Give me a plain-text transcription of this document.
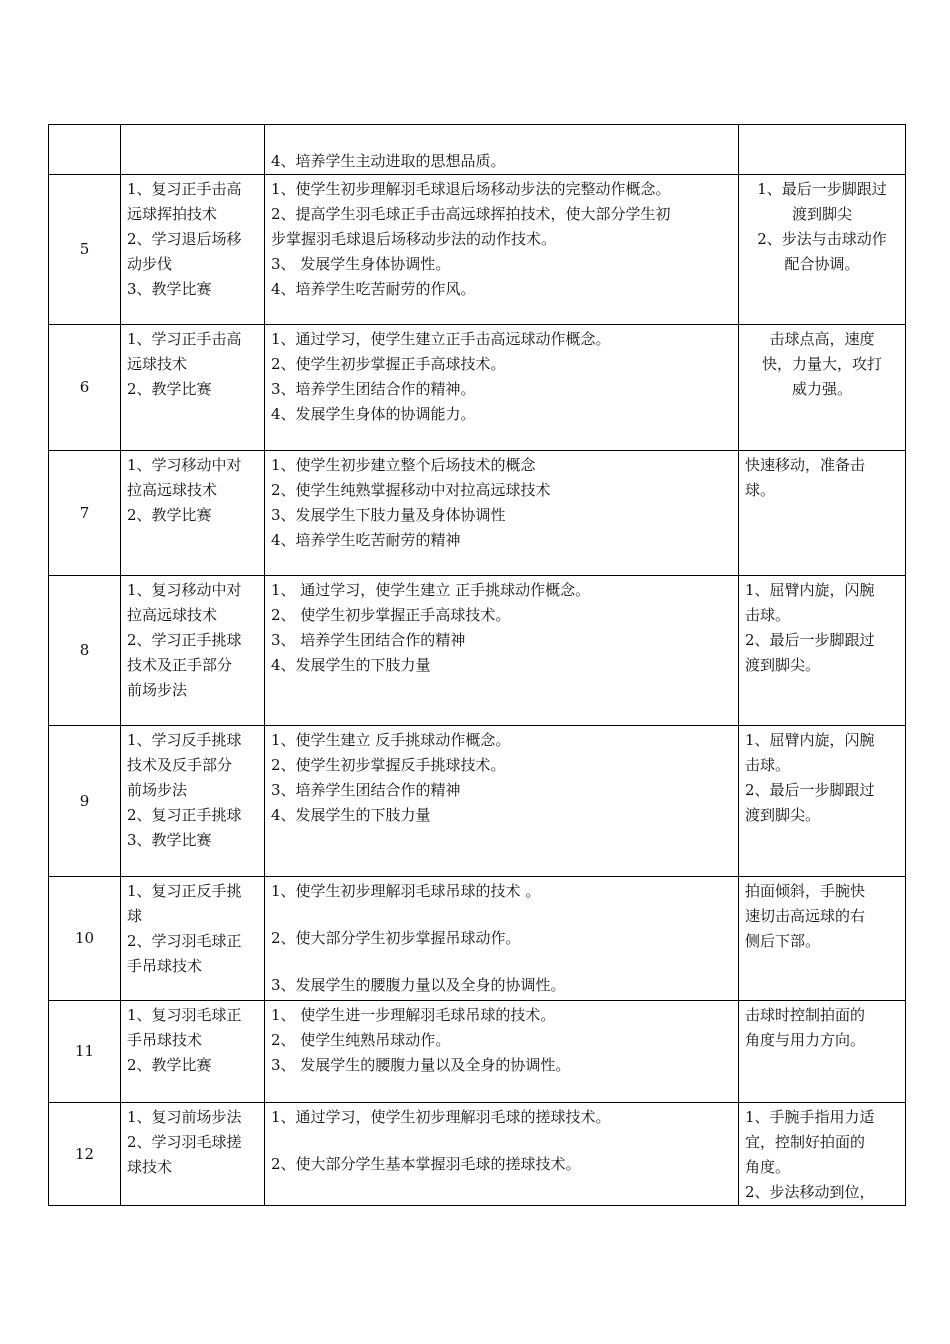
		4、培养学生主动进取的思想品质。	

5	1、复习正手击高
远球挥拍技术
2、学习退后场移
动步伐
3、教学比赛	1、使学生初步理解羽毛球退后场移动步法的完整动作概念。
2、提高学生羽毛球正手击高远球挥拍技术，使大部分学生初
步掌握羽毛球退后场移动步法的动作技术。
3、 发展学生身体协调性。
4、培养学生吃苦耐劳的作风。	1、最后一步脚跟过
渡到脚尖
2、步法与击球动作
配合协调。

6	1、学习正手击高
远球技术
2、教学比赛	1、通过学习，使学生建立正手击高远球动作概念。
2、使学生初步掌握正手高球技术。
3、培养学生团结合作的精神。
4、发展学生身体的协调能力。	击球点高，速度
快，力量大，攻打
威力强。

7	1、学习移动中对
拉高远球技术
2、教学比赛	1、使学生初步建立整个后场技术的概念
2、使学生纯熟掌握移动中对拉高远球技术
3、发展学生下肢力量及身体协调性
4、培养学生吃苦耐劳的精神	快速移动，准备击
球。

8	1、复习移动中对
拉高远球技术
2、学习正手挑球
技术及正手部分
前场步法	1、 通过学习，使学生建立 正手挑球动作概念。
2、 使学生初步掌握正手高球技术。
3、 培养学生团结合作的精神
4、发展学生的下肢力量	1、屈臂内旋，闪腕
击球。
2、最后一步脚跟过
渡到脚尖。

9	1、学习反手挑球
技术及反手部分
前场步法
2、复习正手挑球
3、教学比赛	1、使学生建立 反手挑球动作概念。
2、使学生初步掌握反手挑球技术。
3、培养学生团结合作的精神
4、发展学生的下肢力量	1、屈臂内旋，闪腕
击球。
2、最后一步脚跟过
渡到脚尖。

10	1、复习正反手挑
球
2、学习羽毛球正
手吊球技术	1、使学生初步理解羽毛球吊球的技术 。

2、使大部分学生初步掌握吊球动作。

3、发展学生的腰腹力量以及全身的协调性。	拍面倾斜，手腕快
速切击高远球的右
侧后下部。

11	1、复习羽毛球正
手吊球技术
2、教学比赛	1、 使学生进一步理解羽毛球吊球的技术。
2、 使学生纯熟吊球动作。
3、 发展学生的腰腹力量以及全身的协调性。	击球时控制拍面的
角度与用力方向。

12	1、复习前场步法
2、学习羽毛球搓
球技术	1、通过学习，使学生初步理解羽毛球的搓球技术。

2、使大部分学生基本掌握羽毛球的搓球技术。	1、手腕手指用力适
宜，控制好拍面的
角度。
2、步法移动到位，
